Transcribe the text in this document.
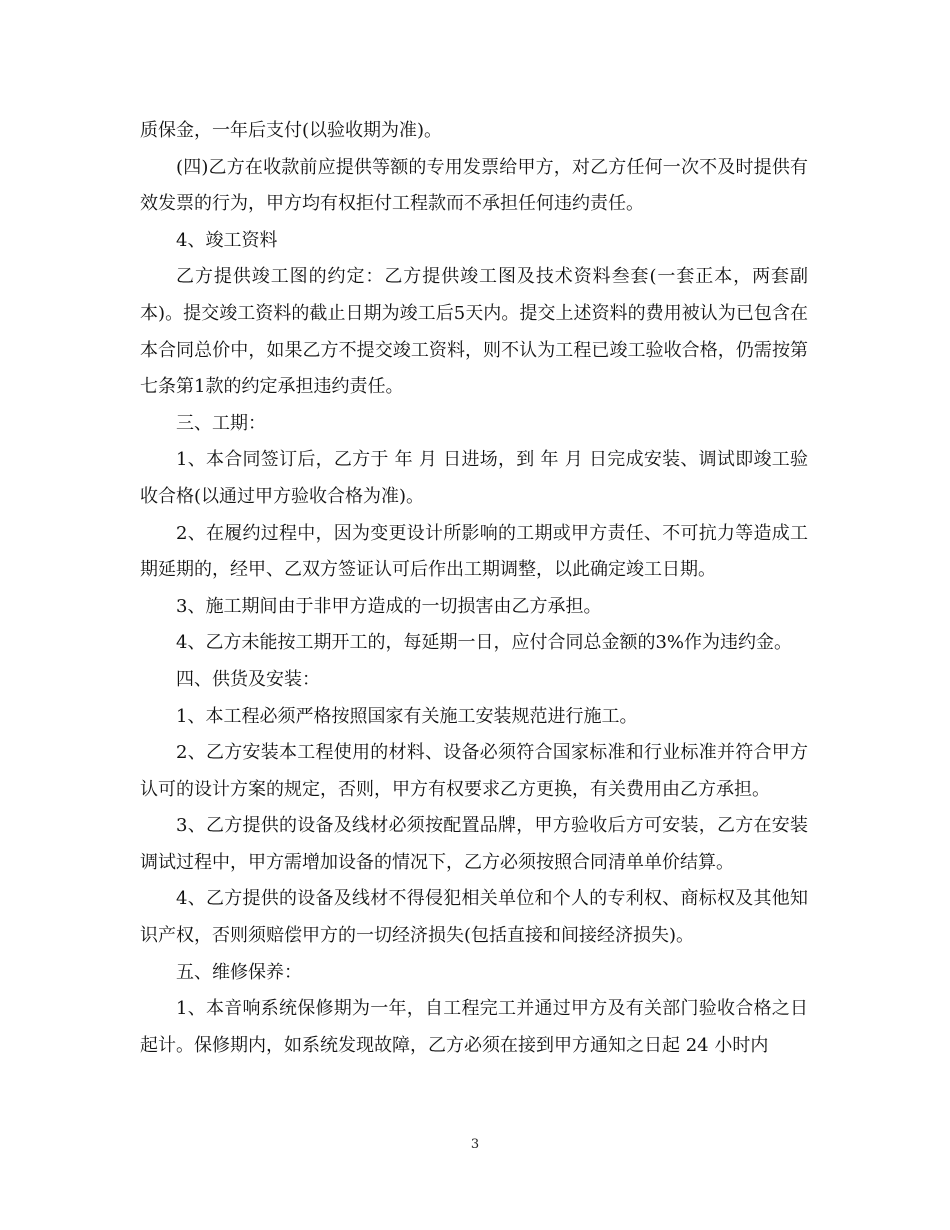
质保金，一年后支付(以验收期为准)。

(四)乙方在收款前应提供等额的专用发票给甲方，对乙方任何一次不及时提供有效发票的行为，甲方均有权拒付工程款而不承担任何违约责任。

4、竣工资料

乙方提供竣工图的约定：乙方提供竣工图及技术资料叁套(一套正本，两套副本)。提交竣工资料的截止日期为竣工后5天内。提交上述资料的费用被认为已包含在本合同总价中，如果乙方不提交竣工资料，则不认为工程已竣工验收合格，仍需按第七条第1款的约定承担违约责任。

三、工期：

1、本合同签订后，乙方于 年 月 日进场，到 年 月 日完成安装、调试即竣工验收合格(以通过甲方验收合格为准)。

2、在履约过程中，因为变更设计所影响的工期或甲方责任、不可抗力等造成工期延期的，经甲、乙双方签证认可后作出工期调整，以此确定竣工日期。

3、施工期间由于非甲方造成的一切损害由乙方承担。

4、乙方未能按工期开工的，每延期一日，应付合同总金额的3%作为违约金。

四、供货及安装：

1、本工程必须严格按照国家有关施工安装规范进行施工。

2、乙方安装本工程使用的材料、设备必须符合国家标准和行业标准并符合甲方认可的设计方案的规定，否则，甲方有权要求乙方更换，有关费用由乙方承担。

3、乙方提供的设备及线材必须按配置品牌，甲方验收后方可安装，乙方在安装调试过程中，甲方需增加设备的情况下，乙方必须按照合同清单单价结算。

4、乙方提供的设备及线材不得侵犯相关单位和个人的专利权、商标权及其他知识产权，否则须赔偿甲方的一切经济损失(包括直接和间接经济损失)。

五、维修保养：

1、本音响系统保修期为一年，自工程完工并通过甲方及有关部门验收合格之日起计。保修期内，如系统发现故障，乙方必须在接到甲方通知之日起 24 小时内

3
